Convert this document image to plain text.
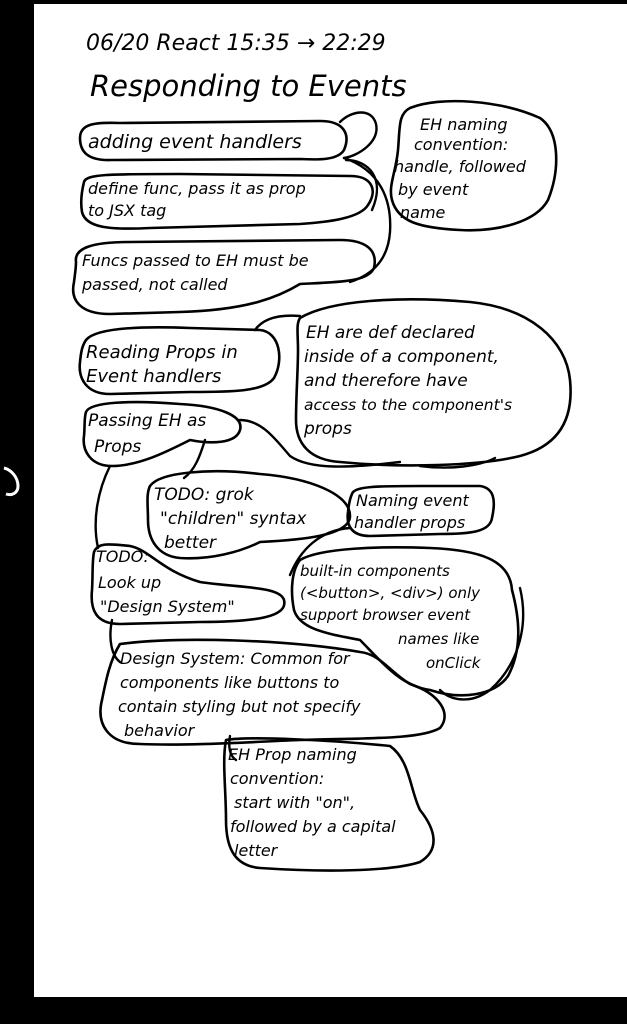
06/20 React 15:35 → 22:29
Responding to Events
adding event handlers
EH naming convention: handle, followed by event name
define func, pass it as prop to JSX tag
Funcs passed to EH must be passed, not called
Reading Props in Event handlers
EH are def declared inside of a component, and therefore have access to the component's props
Passing EH as Props
TODO: grok "children" syntax better
Naming event handler props
TODO: Look up "Design System"
built-in components (<button>, <div>) only support browser event names like onClick
Design System: Common for components like buttons to contain styling but not specify behavior
EH Prop naming convention: start with "on", followed by a capital letter
